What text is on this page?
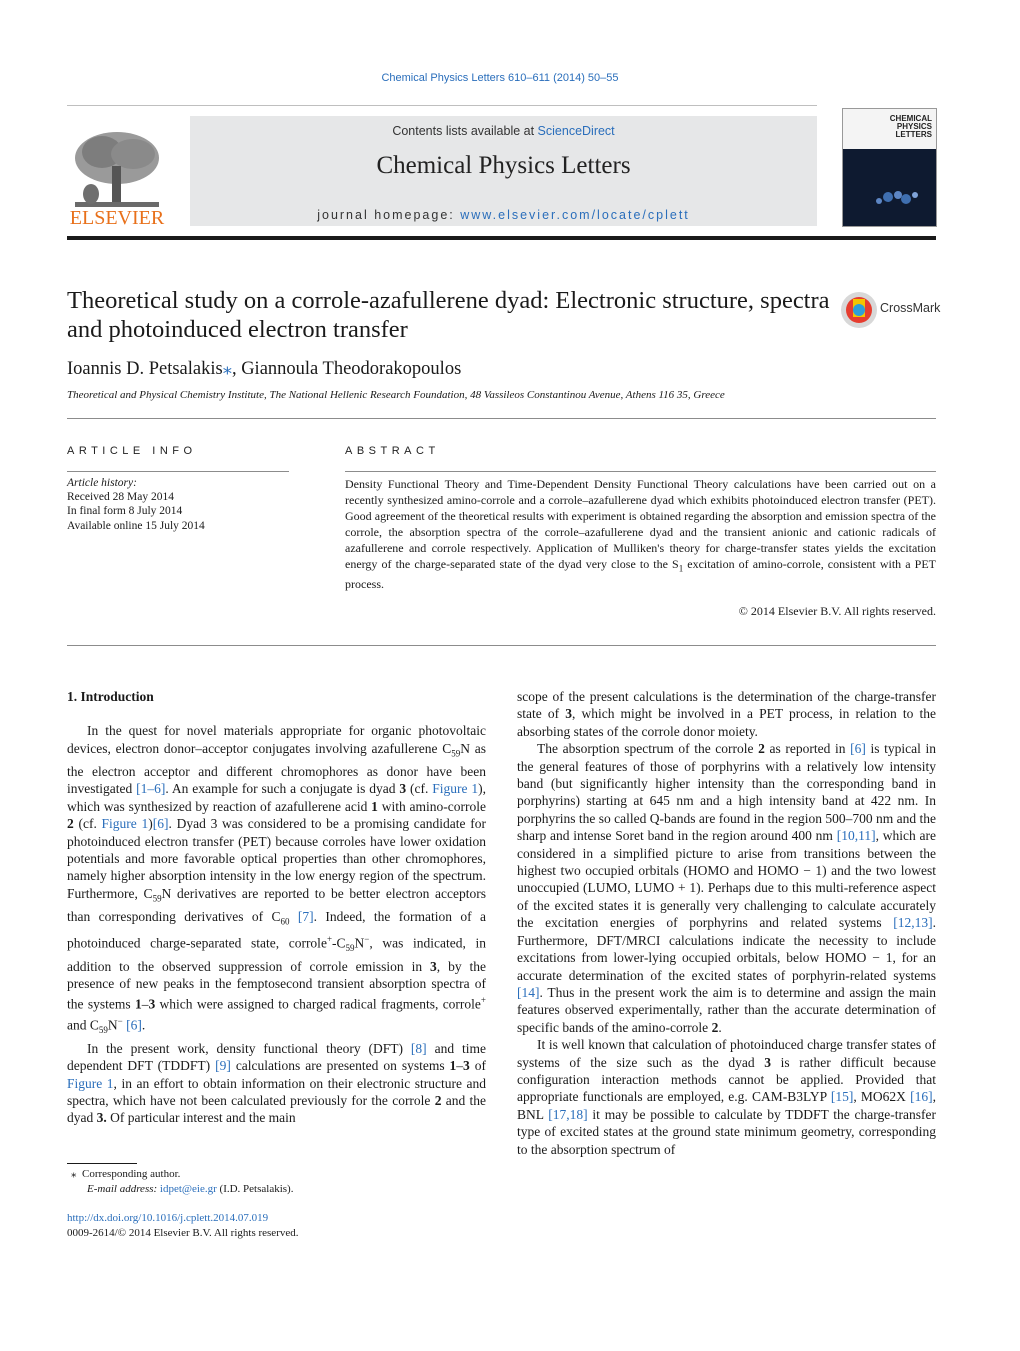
Chemical Physics Letters 610–611 (2014) 50–55
ELSEVIER
Contents lists available at ScienceDirect
Chemical Physics Letters
journal homepage: www.elsevier.com/locate/cplett
CHEMICAL PHYSICS LETTERS
Theoretical study on a corrole-azafullerene dyad: Electronic structure, spectra and photoinduced electron transfer
CrossMark
Ioannis D. Petsalakis⁎, Giannoula Theodorakopoulos
Theoretical and Physical Chemistry Institute, The National Hellenic Research Foundation, 48 Vassileos Constantinou Avenue, Athens 116 35, Greece
ARTICLE INFO	ABSTRACT
Article history:
Received 28 May 2014
In final form 8 July 2014
Available online 15 July 2014
Density Functional Theory and Time-Dependent Density Functional Theory calculations have been carried out on a recently synthesized amino-corrole and a corrole–azafullerene dyad which exhibits photoinduced electron transfer (PET). Good agreement of the theoretical results with experiment is obtained regarding the absorption and emission spectra of the corrole, the absorption spectra of the corrole–azafullerene dyad and the transient anionic and cationic radicals of azafullerene and corrole respectively. Application of Mulliken's theory for charge-transfer states yields the excitation energy of the charge-separated state of the dyad very close to the $S_1$ excitation of amino-corrole, consistent with a PET process.
© 2014 Elsevier B.V. All rights reserved.
1. Introduction

In the quest for novel materials appropriate for organic photovoltaic devices, electron donor–acceptor conjugates involving azafullerene $C_{59}N$ as the electron acceptor and different chromophores as donor have been investigated [1–6]. An example for such a conjugate is dyad 3 (cf. Figure 1), which was synthesized by reaction of azafullerene acid 1 with amino-corrole 2 (cf. Figure 1)[6]. Dyad 3 was considered to be a promising candidate for photoinduced electron transfer (PET) because corroles have lower oxidation potentials and more favorable optical properties than other chromophores, namely higher absorption intensity in the low energy region of the spectrum. Furthermore, $C_{59}N$ derivatives are reported to be better electron acceptors than corresponding derivatives of $C_{60}$ [7]. Indeed, the formation of a photoinduced charge-separated state, $corrole^+-C_{59}N^-$, was indicated, in addition to the observed suppression of corrole emission in 3, by the presence of new peaks in the femptosecond transient absorption spectra of the systems 1–3 which were assigned to charged radical fragments, corrole+ and $C_{59}N^-$ [6].

In the present work, density functional theory (DFT) [8] and time dependent DFT (TDDFT) [9] calculations are presented on systems 1–3 of Figure 1, in an effort to obtain information on their electronic structure and spectra, which have not been calculated previously for the corrole 2 and the dyad 3. Of particular interest and the main

scope of the present calculations is the determination of the charge-transfer state of 3, which might be involved in a PET process, in relation to the absorbing states of the corrole donor moiety.

The absorption spectrum of the corrole 2 as reported in [6] is typical in the general features of those of porphyrins with a relatively low intensity band (but significantly higher intensity than the corresponding band in porphyrins) starting at 645 nm and a high intensity band at 422 nm. In porphyrins the so called Q-bands are found in the region 500–700 nm and the sharp and intense Soret band in the region around 400 nm [10,11], which are considered in a simplified picture to arise from transitions between the highest two occupied orbitals (HOMO and HOMO − 1) and the two lowest unoccupied (LUMO, LUMO + 1). Perhaps due to this multi-reference aspect of the excited states it is generally very challenging to calculate accurately the excitation energies of porphyrins and related systems [12,13]. Furthermore, DFT/MRCI calculations indicate the necessity to include excitations from lower-lying occupied orbitals, below HOMO − 1, for an accurate determination of the excited states of porphyrin-related systems [14]. Thus in the present work the aim is to determine and assign the main features observed experimentally, rather than the accurate determination of specific bands of the amino-corrole 2.

It is well known that calculation of photoinduced charge transfer states of systems of the size such as the dyad 3 is rather difficult because configuration interaction methods cannot be applied. Provided that appropriate functionals are employed, e.g. CAM-B3LYP [15], MO62X [16], BNL [17,18] it may be possible to calculate by TDDFT the charge-transfer type of excited states at the ground state minimum geometry, corresponding to the absorption spectrum of

⁎ Corresponding author.
E-mail address: idpet@eie.gr (I.D. Petsalakis).
http://dx.doi.org/10.1016/j.cplett.2014.07.019
0009-2614/© 2014 Elsevier B.V. All rights reserved.
